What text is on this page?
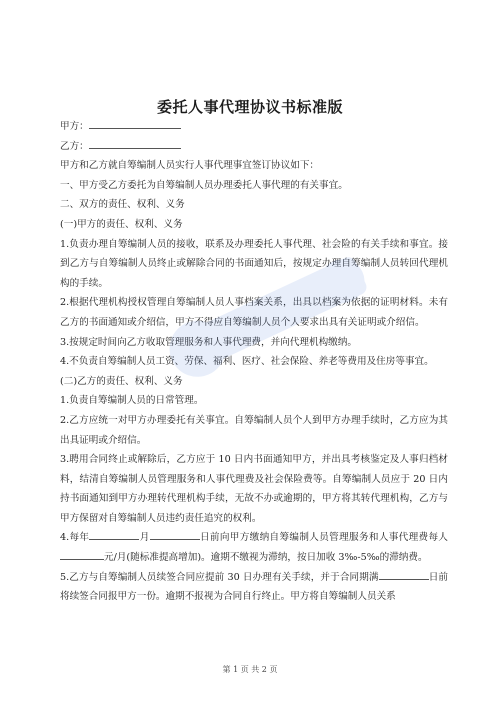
委托人事代理协议书标准版

甲方：

乙方：

甲方和乙方就自筹编制人员实行人事代理事宜签订协议如下：

一、甲方受乙方委托为自筹编制人员办理委托人事代理的有关事宜。

二、双方的责任、权利、义务

(一)甲方的责任、权利、义务

1.负责办理自筹编制人员的接收，联系及办理委托人事代理、社会险的有关手续和事宜。接到乙方与自筹编制人员终止或解除合同的书面通知后，按规定办理自筹编制人员转回代理机构的手续。

2.根据代理机构授权管理自筹编制人员人事档案关系，出具以档案为依据的证明材料。未有乙方的书面通知或介绍信，甲方不得应自筹编制人员个人要求出具有关证明或介绍信。

3.按规定时间向乙方收取管理服务和人事代理费，并向代理机构缴纳。

4.不负责自筹编制人员工资、劳保、福利、医疗、社会保险、养老等费用及住房等事宜。

(二)乙方的责任、权利、义务

1.负责自筹编制人员的日常管理。

2.乙方应统一对甲方办理委托有关事宜。自筹编制人员个人到甲方办理手续时，乙方应为其出具证明或介绍信。

3.聘用合同终止或解除后，乙方应于 10 日内书面通知甲方，并出具考核鉴定及人事归档材料，结清自筹编制人员管理服务和人事代理费及社会保险费等。自筹编制人员应于 20 日内持书面通知到甲方办理转代理机构手续，无故不办或逾期的，甲方将其转代理机构，乙方与甲方保留对自筹编制人员违约责任追究的权利。

4.每年	月	日前向甲方缴纳自筹编制人员管理服务和人事代理费每人元/月(随标准提高增加)。逾期不缴视为滞纳，按日加收 3‰-5‰的滞纳费。

5.乙方与自筹编制人员续签合同应提前 30 日办理有关手续，并于合同期满	日前将续签合同报甲方一份。逾期不报视为合同自行终止。甲方将自筹编制人员关系

第 1 页 共 2 页
